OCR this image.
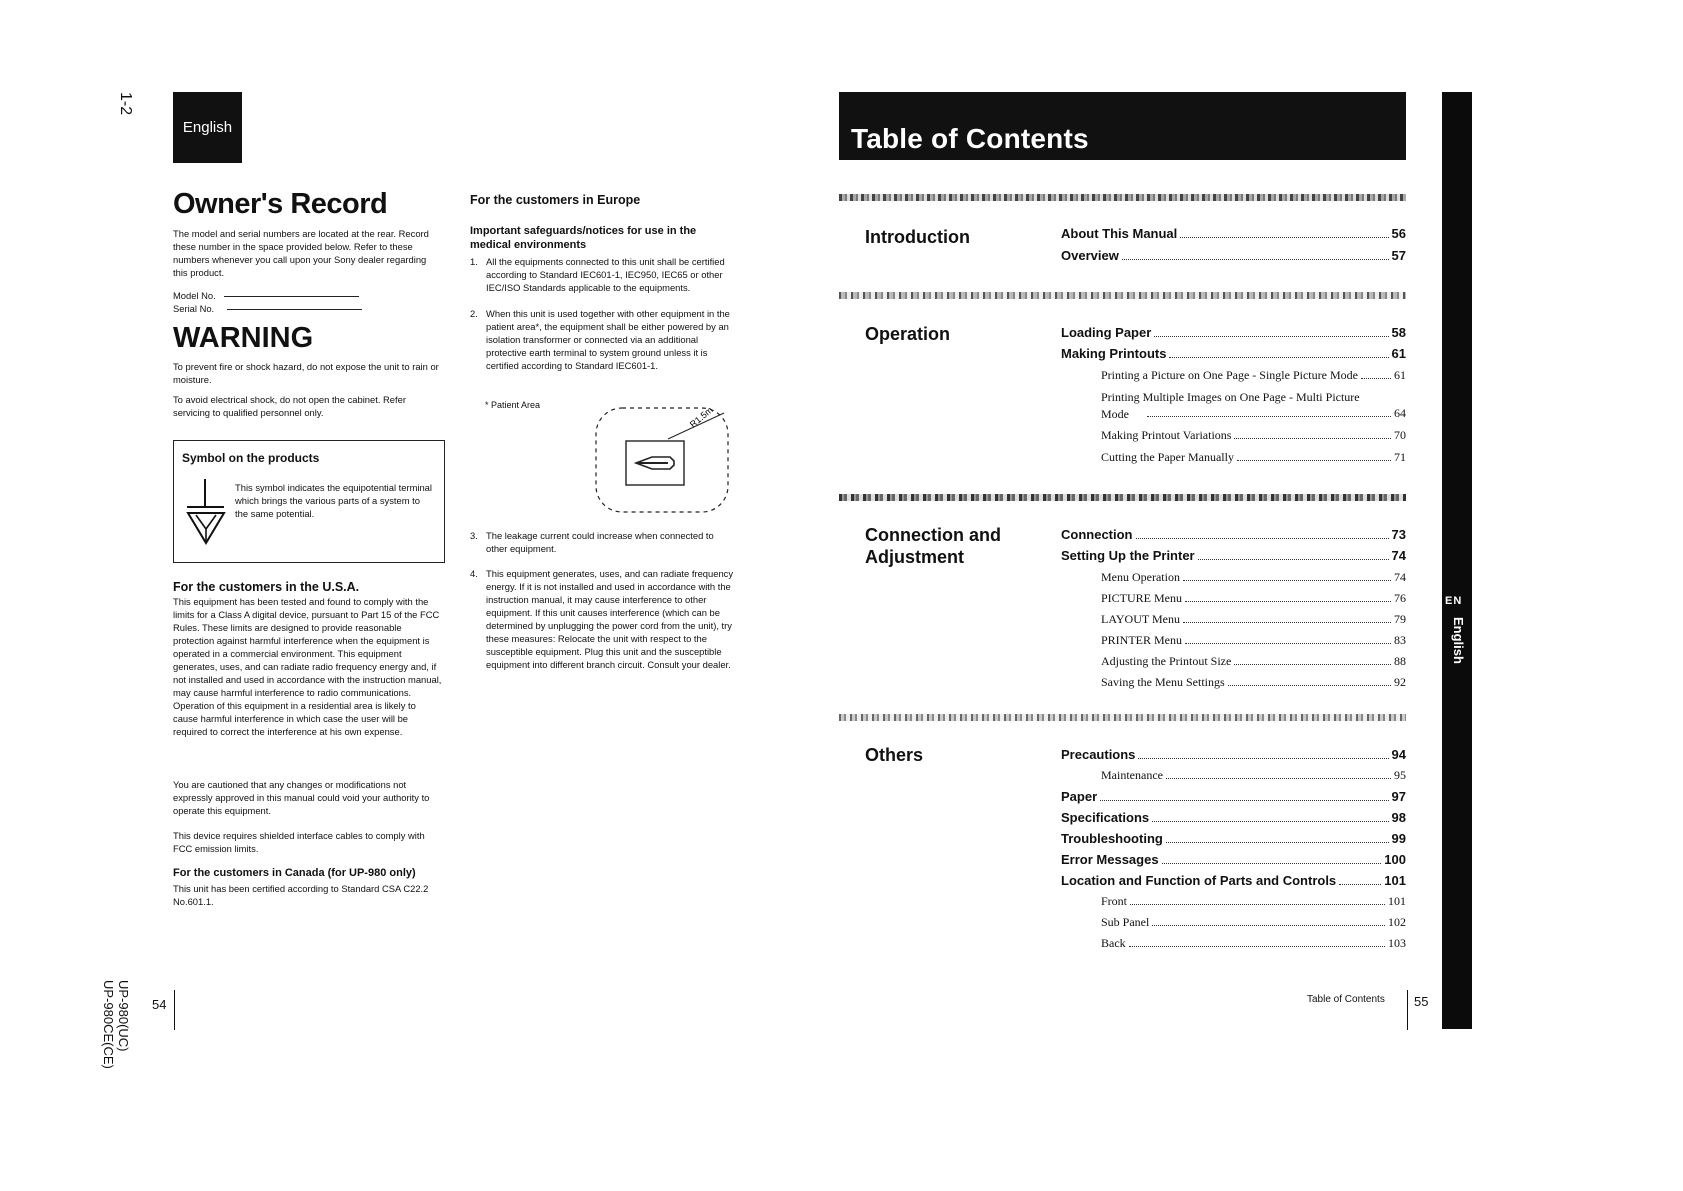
1-2
UP-980(UC)
UP-980CE(CE)
English
Owner's Record
The model and serial numbers are located at the rear. Record these number in the space provided below. Refer to these numbers whenever you call upon your Sony dealer regarding this product.
Model No.
Serial No.
WARNING
To prevent fire or shock hazard, do not expose the unit to rain or moisture.
To avoid electrical shock, do not open the cabinet. Refer servicing to qualified personnel only.
Symbol on the products
This symbol indicates the equipotential terminal which brings the various parts of a system to the same potential.
For the customers in the U.S.A.
This equipment has been tested and found to comply with the limits for a Class A digital device, pursuant to Part 15 of the FCC Rules. These limits are designed to provide reasonable protection against harmful interference when the equipment is operated in a commercial environment. This equipment generates, uses, and can radiate radio frequency energy and, if not installed and used in accordance with the instruction manual, may cause harmful interference to radio communications. Operation of this equipment in a residential area is likely to cause harmful interference in which case the user will be required to correct the interference at his own expense.
You are cautioned that any changes or modifications not expressly approved in this manual could void your authority to operate this equipment.
This device requires shielded interface cables to comply with FCC emission limits.
For the customers in Canada (for UP-980 only)
This unit has been certified according to Standard CSA C22.2 No.601.1.
54
For the customers in Europe
Important safeguards/notices for use in the medical environments
1. All the equipments connected to this unit shall be certified according to Standard IEC601-1, IEC950, IEC65 or other IEC/ISO Standards applicable to the equipments.
2. When this unit is used together with other equipment in the patient area*, the equipment shall be either powered by an isolation transformer or connected via an additional protective earth terminal to system ground unless it is certified according to Standard IEC601-1.
* Patient Area	R1.5m
3. The leakage current could increase when connected to other equipment.
4. This equipment generates, uses, and can radiate frequency energy. If it is not installed and used in accordance with the instruction manual, it may cause interference to other equipment. If this unit causes interference (which can be determined by unplugging the power cord from the unit), try these measures: Relocate the unit with respect to the susceptible equipment. Plug this unit and the susceptible equipment into different branch circuit. Consult your dealer.
Table of Contents
Introduction
Operation
Connection and Adjustment
Others
About This Manual	56
Overview	57
Loading Paper	58
Making Printouts	61
Printing a Picture on One Page - Single Picture Mode	61
Printing Multiple Images on One Page - Multi Picture Mode	64
Making Printout Variations	70
Cutting the Paper Manually	71
Connection	73
Setting Up the Printer	74
Menu Operation	74
PICTURE Menu	76
LAYOUT Menu	79
PRINTER Menu	83
Adjusting the Printout Size	88
Saving the Menu Settings	92
Precautions	94
Maintenance	95
Paper	97
Specifications	98
Troubleshooting	99
Error Messages	100
Location and Function of Parts and Controls	101
Front	101
Sub Panel	102
Back	103
Table of Contents 55
EN
English
